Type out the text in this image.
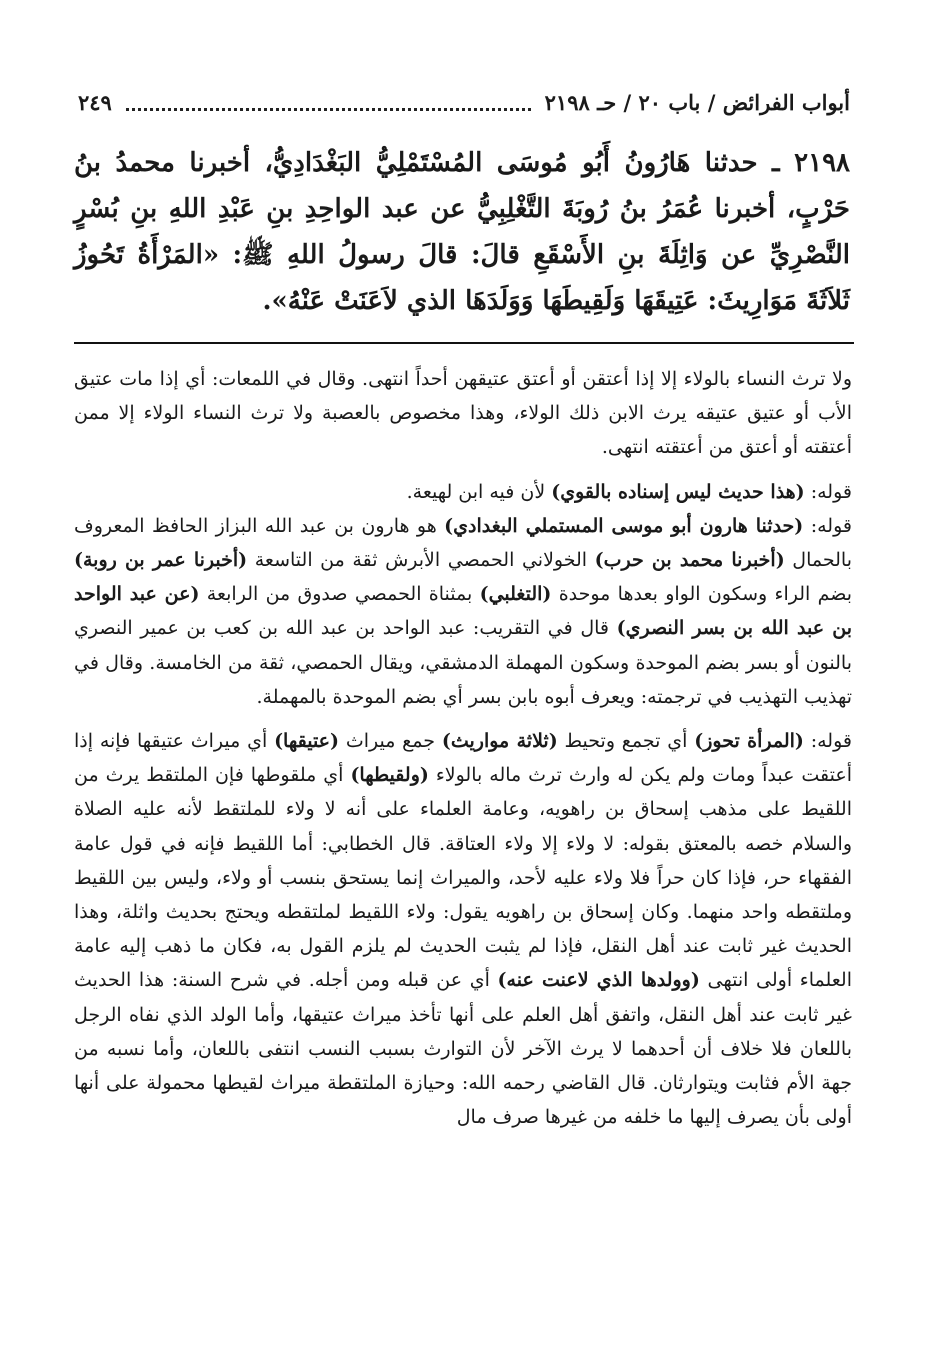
أبواب الفرائض / باب ٢٠ / حـ ٢١٩٨
٢٤٩

٢١٩٨ ـ حدثنا هَارُونُ أَبُو مُوسَى المُسْتَمْلِيُّ البَغْدَادِيُّ، أخبرنا محمدُ بنُ حَرْبٍ، أخبرنا عُمَرُ بنُ رُوبَةَ التَّغْلِبِيُّ عن عبد الواحِدِ بنِ عَبْدِ اللهِ بنِ بُسْرٍ النَّصْرِيِّ عن وَاثِلَةَ بنِ الأَسْقَعِ قالَ: قالَ رسولُ اللهِ ﷺ: «المَرْأَةُ تَحُوزُ ثَلاَثَةَ مَوَارِيثَ: عَتِيقَهَا وَلَقِيطَهَا وَوَلَدَهَا الذي لاَعَنَتْ عَنْهُ».

ولا ترث النساء بالولاء إلا إذا أعتقن أو أعتق عتيقهن أحداً انتهى. وقال في اللمعات: أي إذا مات عتيق الأب أو عتيق عتيقه يرث الابن ذلك الولاء، وهذا مخصوص بالعصبة ولا ترث النساء الولاء إلا ممن أعتقته أو أعتق من أعتقته انتهى.

قوله: (هذا حديث ليس إسناده بالقوي) لأن فيه ابن لهيعة.

قوله: (حدثنا هارون أبو موسى المستملي البغدادي) هو هارون بن عبد الله البزاز الحافظ المعروف بالحمال (أخبرنا محمد بن حرب) الخولاني الحمصي الأبرش ثقة من التاسعة (أخبرنا عمر بن روبة) بضم الراء وسكون الواو بعدها موحدة (التغلبي) بمثناة الحمصي صدوق من الرابعة (عن عبد الواحد بن عبد الله بن بسر النصري) قال في التقريب: عبد الواحد بن عبد الله بن كعب بن عمير النصري بالنون أو بسر بضم الموحدة وسكون المهملة الدمشقي، ويقال الحمصي، ثقة من الخامسة. وقال في تهذيب التهذيب في ترجمته: ويعرف أبوه بابن بسر أي بضم الموحدة بالمهملة.

قوله: (المرأة تحوز) أي تجمع وتحيط (ثلاثة مواريث) جمع ميراث (عتيقها) أي ميراث عتيقها فإنه إذا أعتقت عبداً ومات ولم يكن له وارث ترث ماله بالولاء (ولقيطها) أي ملقوطها فإن الملتقط يرث من اللقيط على مذهب إسحاق بن راهويه، وعامة العلماء على أنه لا ولاء للملتقط لأنه عليه الصلاة والسلام خصه بالمعتق بقوله: لا ولاء إلا ولاء العتاقة. قال الخطابي: أما اللقيط فإنه في قول عامة الفقهاء حر، فإذا كان حراً فلا ولاء عليه لأحد، والميراث إنما يستحق بنسب أو ولاء، وليس بين اللقيط وملتقطه واحد منهما. وكان إسحاق بن راهويه يقول: ولاء اللقيط لملتقطه ويحتج بحديث واثلة، وهذا الحديث غير ثابت عند أهل النقل، فإذا لم يثبت الحديث لم يلزم القول به، فكان ما ذهب إليه عامة العلماء أولى انتهى (وولدها الذي لاعنت عنه) أي عن قبله ومن أجله. في شرح السنة: هذا الحديث غير ثابت عند أهل النقل، واتفق أهل العلم على أنها تأخذ ميراث عتيقها، وأما الولد الذي نفاه الرجل باللعان فلا خلاف أن أحدهما لا يرث الآخر لأن التوارث بسبب النسب انتفى باللعان، وأما نسبه من جهة الأم فثابت ويتوارثان. قال القاضي رحمه الله: وحيازة الملتقطة ميراث لقيطها محمولة على أنها أولى بأن يصرف إليها ما خلفه من غيرها صرف مال
